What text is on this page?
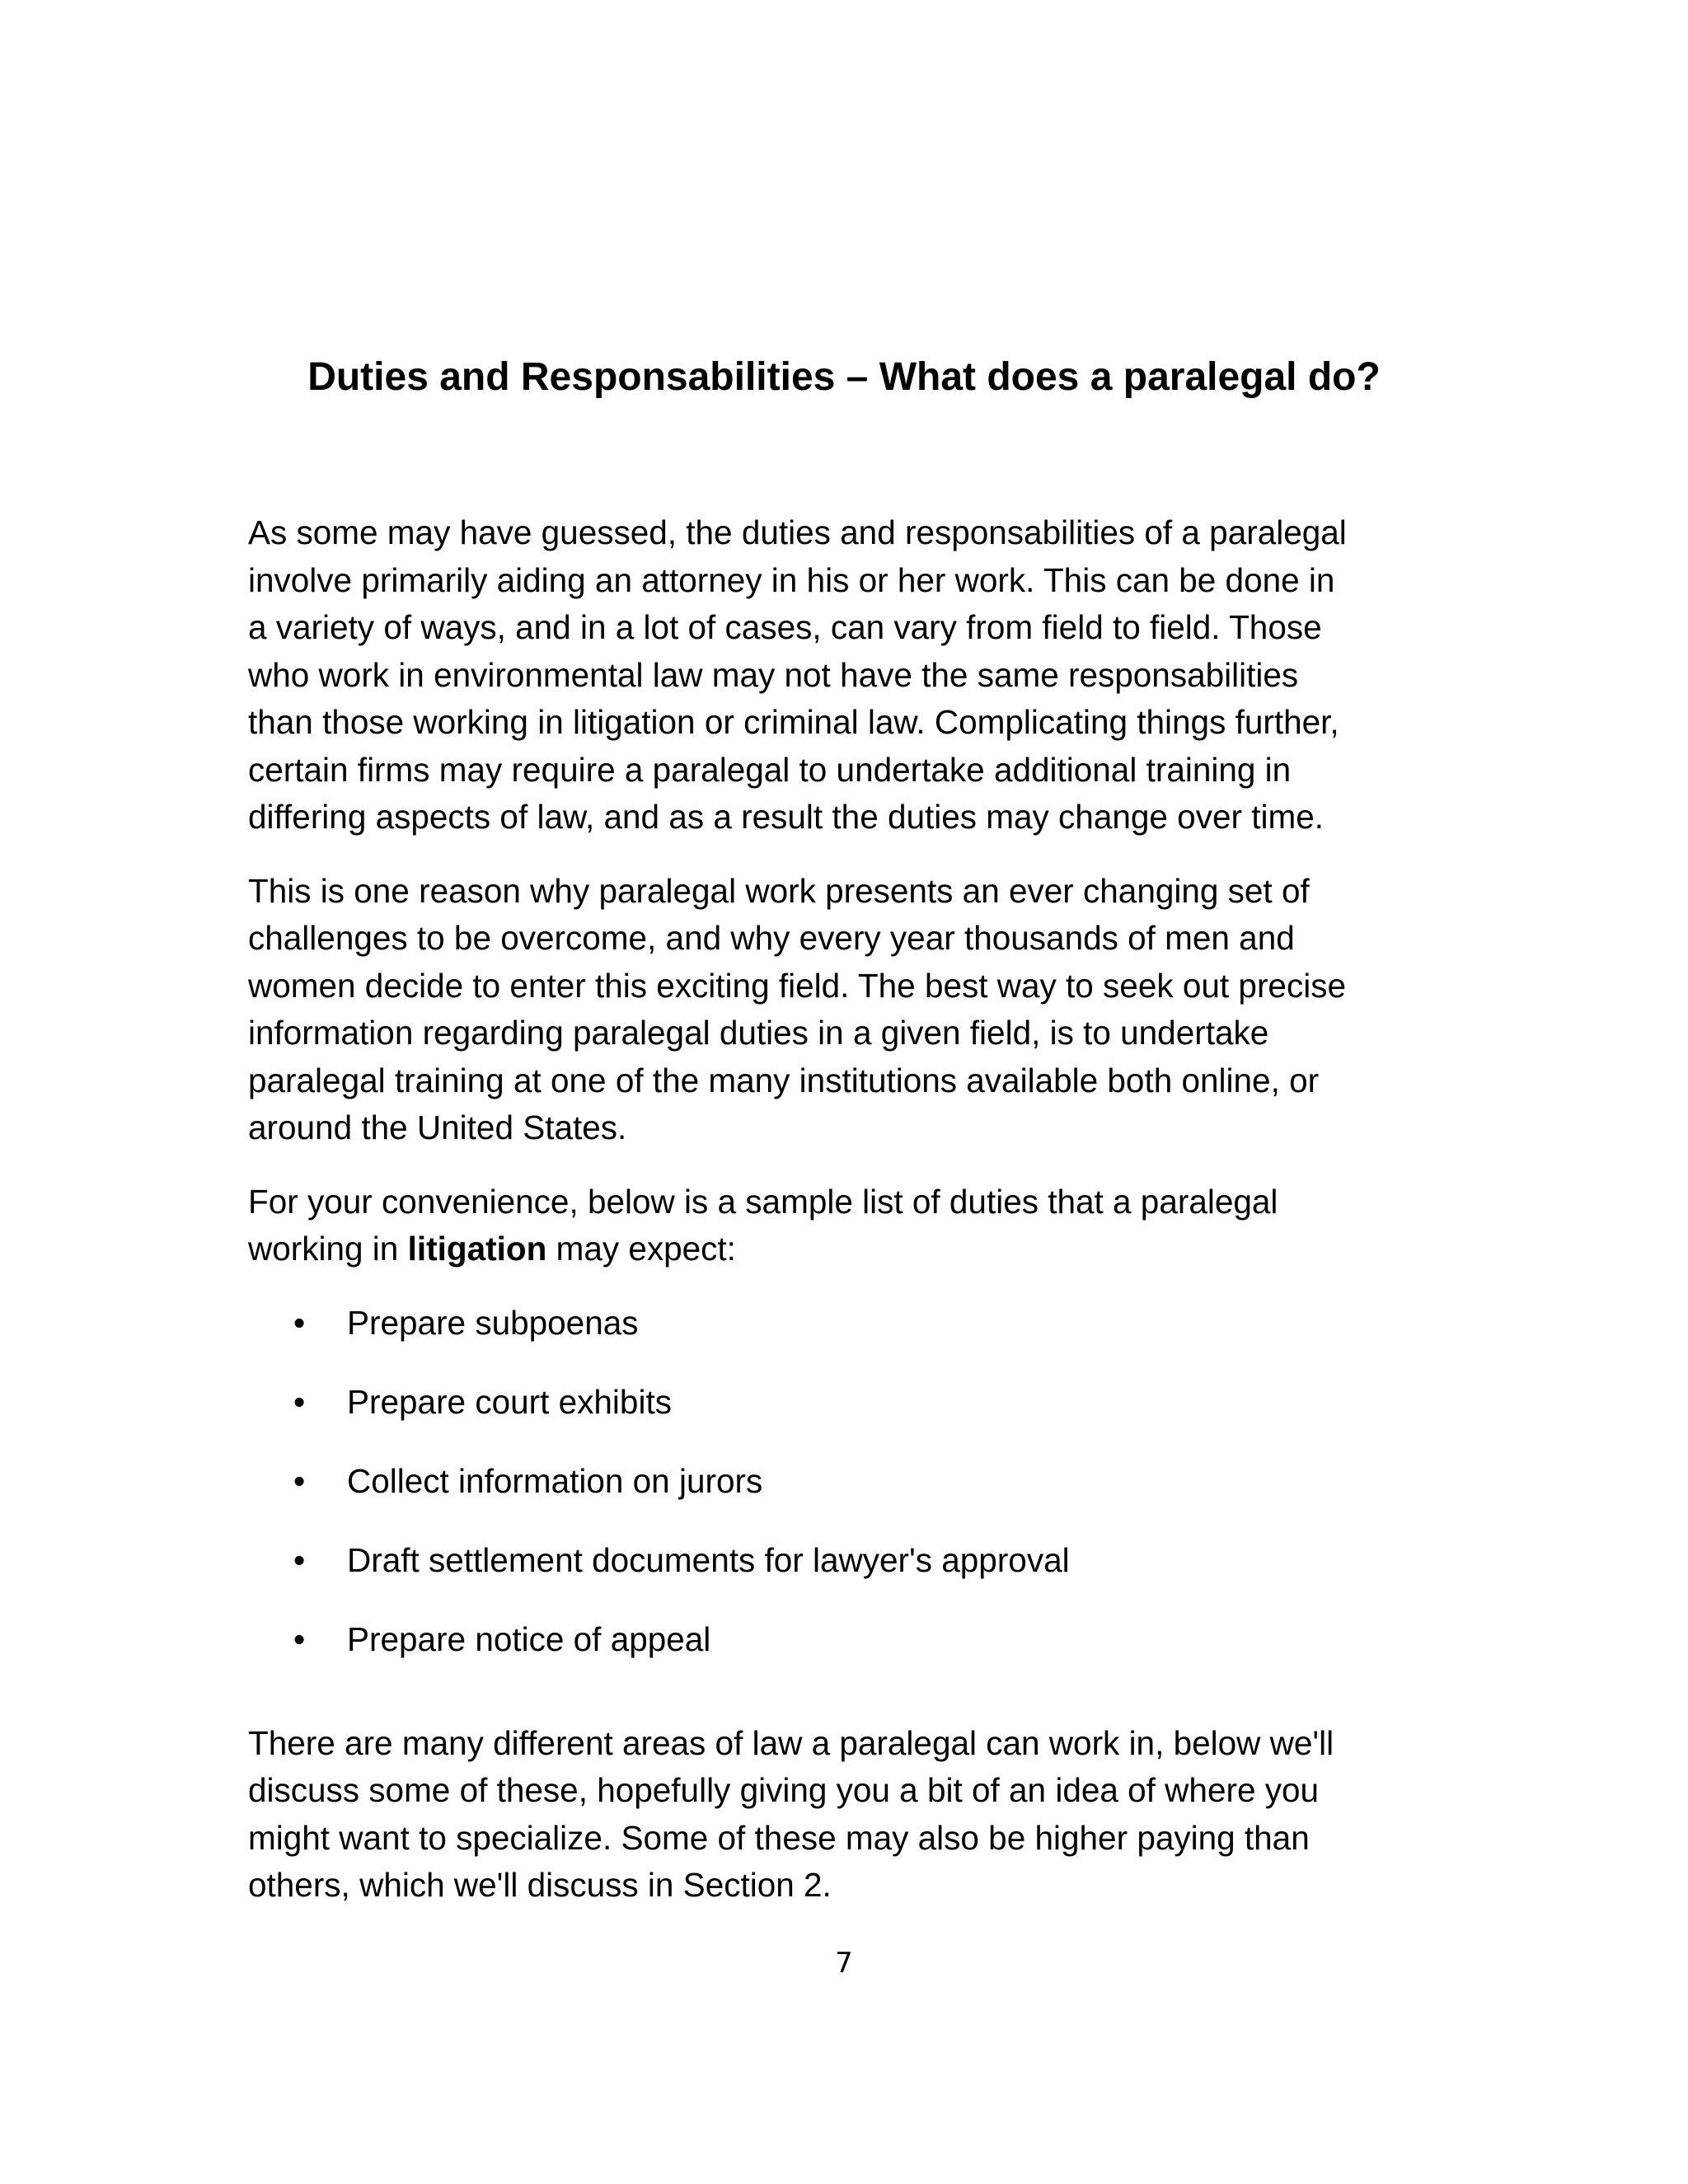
Duties and Responsabilities – What does a paralegal do?

As some may have guessed, the duties and responsabilities of a paralegal
involve primarily aiding an attorney in his or her work. This can be done in
a variety of ways, and in a lot of cases, can vary from field to field. Those
who work in environmental law may not have the same responsabilities
than those working in litigation or criminal law. Complicating things further,
certain firms may require a paralegal to undertake additional training in
differing aspects of law, and as a result the duties may change over time.

This is one reason why paralegal work presents an ever changing set of
challenges to be overcome, and why every year thousands of men and
women decide to enter this exciting field. The best way to seek out precise
information regarding paralegal duties in a given field, is to undertake
paralegal training at one of the many institutions available both online, or
around the United States.

For your convenience, below is a sample list of duties that a paralegal
working in litigation may expect:

• Prepare subpoenas
• Prepare court exhibits
• Collect information on jurors
• Draft settlement documents for lawyer's approval
• Prepare notice of appeal

There are many different areas of law a paralegal can work in, below we'll
discuss some of these, hopefully giving you a bit of an idea of where you
might want to specialize. Some of these may also be higher paying than
others, which we'll discuss in Section 2.

7
